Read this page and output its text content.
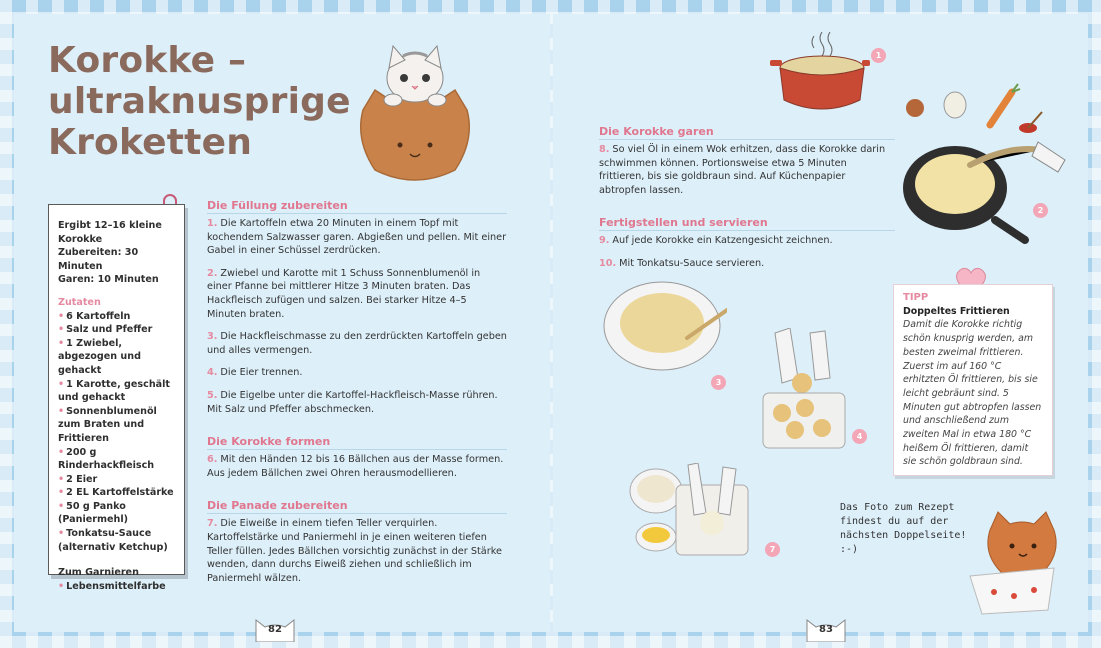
Korokke – ultraknusprige Kroketten
Ergibt 12–16 kleine Korokke
Zubereiten: 30 Minuten
Garen: 10 Minuten
Zutaten
• 6 Kartoffeln
• Salz und Pfeffer
• 1 Zwiebel, abgezogen und gehackt
• 1 Karotte, geschält und gehackt
• Sonnenblumenöl zum Braten und Frittieren
• 200 g Rinderhackfleisch
• 2 Eier
• 2 EL Kartoffelstärke
• 50 g Panko (Paniermehl)
• Tonkatsu-Sauce (alternativ Ketchup)
Zum Garnieren
• Lebensmittelfarbe
Die Füllung zubereiten
1. Die Kartoffeln etwa 20 Minuten in einem Topf mit kochendem Salzwasser garen. Abgießen und pellen. Mit einer Gabel in einer Schüssel zerdrücken.
2. Zwiebel und Karotte mit 1 Schuss Sonnenblumenöl in einer Pfanne bei mittlerer Hitze 3 Minuten braten. Das Hackfleisch zufügen und salzen. Bei starker Hitze 4–5 Minuten braten.
3. Die Hackfleischmasse zu den zerdrückten Kartoffeln geben und alles vermengen.
4. Die Eier trennen.
5. Die Eigelbe unter die Kartoffel-Hackfleisch-Masse rühren. Mit Salz und Pfeffer abschmecken.
Die Korokke formen
6. Mit den Händen 12 bis 16 Bällchen aus der Masse formen. Aus jedem Bällchen zwei Ohren herausmodellieren.
Die Panade zubereiten
7. Die Eiweiße in einem tiefen Teller verquirlen. Kartoffelstärke und Paniermehl in je einen weiteren tiefen Teller füllen. Jedes Bällchen vorsichtig zunächst in der Stärke wenden, dann durchs Eiweiß ziehen und schließlich im Paniermehl wälzen.
Die Korokke garen
8. So viel Öl in einem Wok erhitzen, dass die Korokke darin schwimmen können. Portionsweise etwa 5 Minuten frittieren, bis sie goldbraun sind. Auf Küchenpapier abtropfen lassen.
Fertigstellen und servieren
9. Auf jede Korokke ein Katzengesicht zeichnen.
10. Mit Tonkatsu-Sauce servieren.
1
2
TIPP
Doppeltes Frittieren
Damit die Korokke richtig schön knusprig werden, am besten zweimal frittieren. Zuerst im auf 160 °C erhitzten Öl frittieren, bis sie leicht gebräunt sind. 5 Minuten gut abtropfen lassen und anschließend zum zweiten Mal in etwa 180 °C heißem Öl frittieren, damit sie schön goldbraun sind.
3
4
7
Das Foto zum Rezept findest du auf der nächsten Doppelseite! :-)
82	83
